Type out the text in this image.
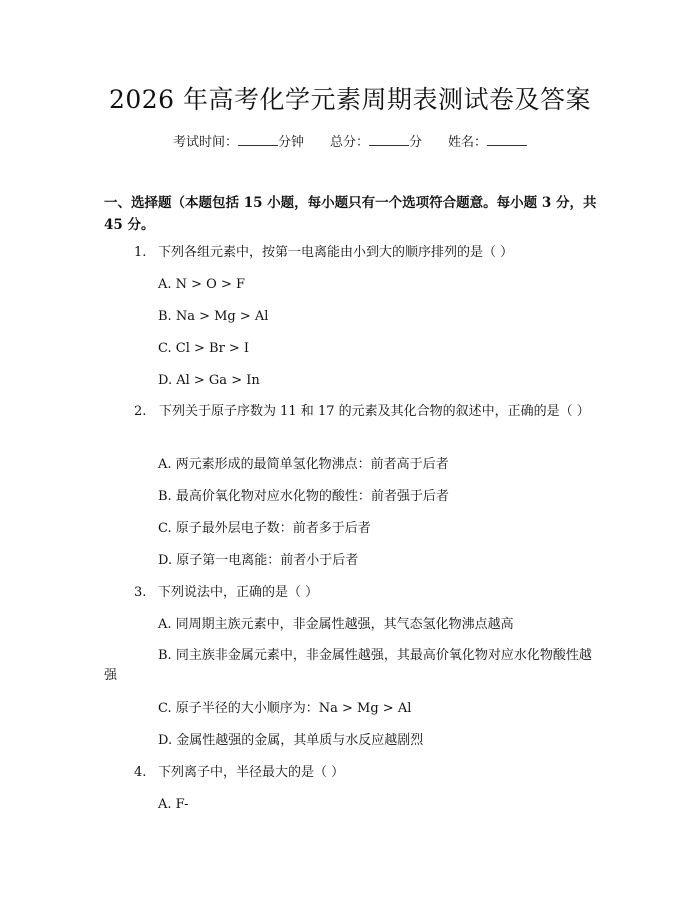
2026 年高考化学元素周期表测试卷及答案
考试时间：	分钟 总分：	分 姓名：
一、选择题（本题包括 15 小题，每小题只有一个选项符合题意。每小题 3 分，共 45 分。
1. 下列各组元素中，按第一电离能由小到大的顺序排列的是（ ）
A. N > O > F
B. Na > Mg > Al
C. Cl > Br > I
D. Al > Ga > In
2. 下列关于原子序数为 11 和 17 的元素及其化合物的叙述中，正确的是（ ）
A. 两元素形成的最简单氢化物沸点：前者高于后者
B. 最高价氧化物对应水化物的酸性：前者强于后者
C. 原子最外层电子数：前者多于后者
D. 原子第一电离能：前者小于后者
3. 下列说法中，正确的是（ ）
A. 同周期主族元素中，非金属性越强，其气态氢化物沸点越高
B. 同主族非金属元素中，非金属性越强，其最高价氧化物对应水化物酸性越强
C. 原子半径的大小顺序为：Na > Mg > Al
D. 金属性越强的金属，其单质与水反应越剧烈
4. 下列离子中，半径最大的是（ ）
A. F-
